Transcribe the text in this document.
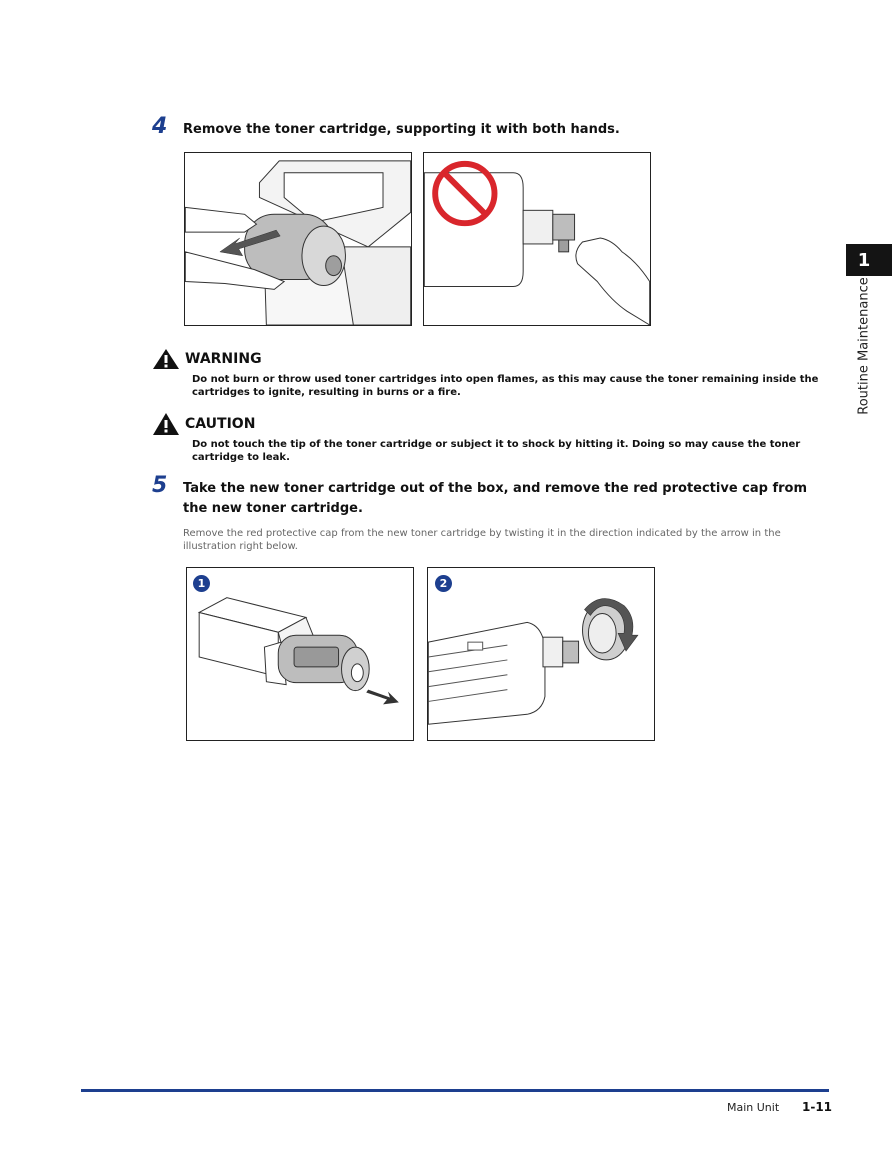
4 Remove the toner cartridge, supporting it with both hands.
WARNING
Do not burn or throw used toner cartridges into open flames, as this may cause the toner remaining inside the cartridges to ignite, resulting in burns or a fire.
CAUTION
Do not touch the tip of the toner cartridge or subject it to shock by hitting it. Doing so may cause the toner cartridge to leak.
5 Take the new toner cartridge out of the box, and remove the red protective cap from the new toner cartridge.
Remove the red protective cap from the new toner cartridge by twisting it in the direction indicated by the arrow in the illustration right below.
1	2
1
Routine Maintenance
Main Unit 1-11
